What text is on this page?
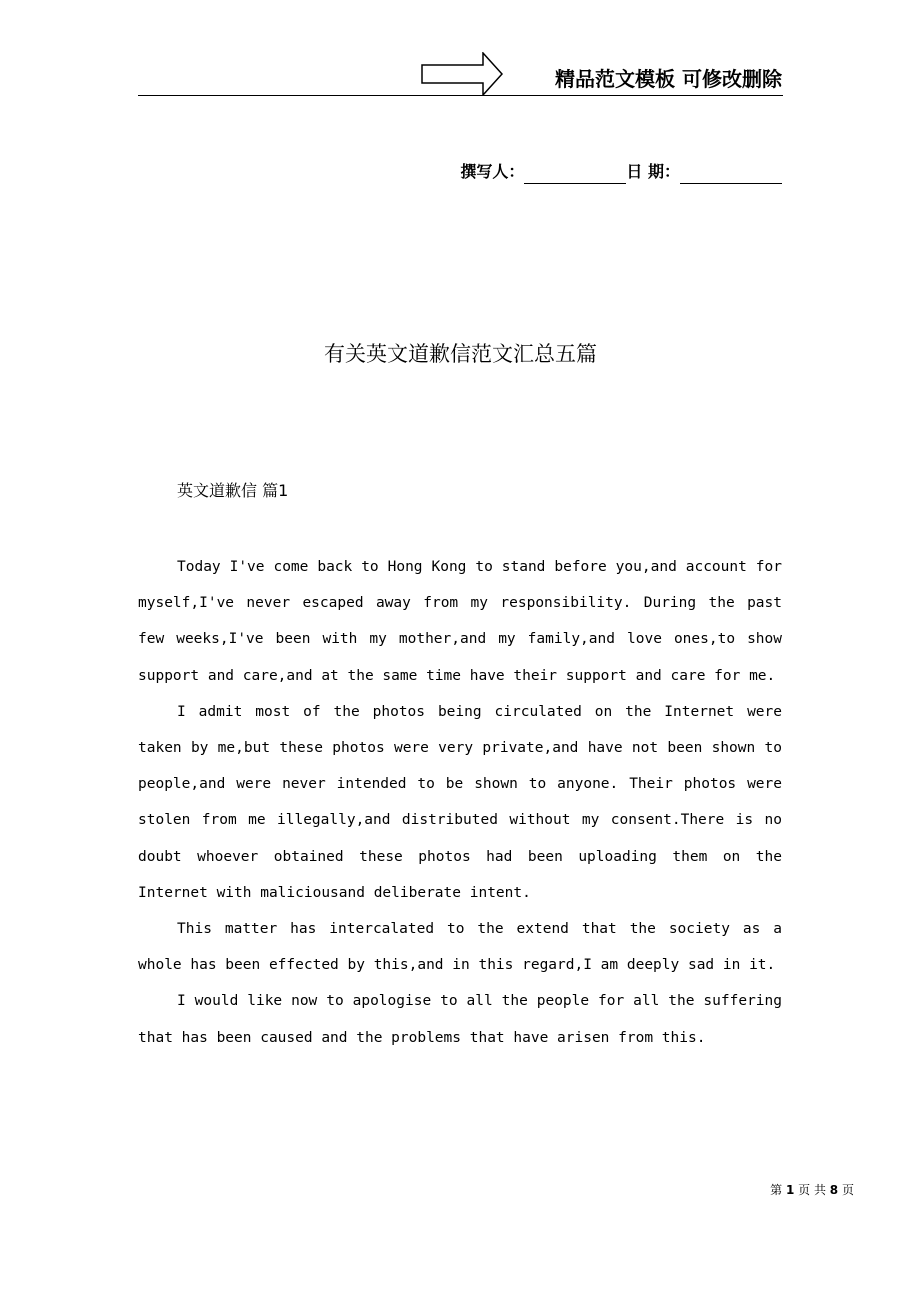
精品范文模板 可修改删除
撰写人：	日 期：
有关英文道歉信范文汇总五篇
英文道歉信 篇1

Today I've come back to Hong Kong to stand before you,and account for myself,I've never escaped away from my responsibility. During the past few weeks,I've been with my mother,and my family,and love ones,to show support and care,and at the same time have their support and care for me.

I admit most of the photos being circulated on the Internet were taken by me,but these photos were very private,and have not been shown to people,and were never intended to be shown to anyone. Their photos were stolen from me illegally,and distributed without my consent.There is no doubt whoever obtained these photos had been uploading them on the Internet with maliciousand deliberate intent.

This matter has intercalated to the extend that the society as a whole has been effected by this,and in this regard,I am deeply sad in it.

I would like now to apologise to all the people for all the suffering that has been caused and the problems that have arisen from this.

第 1 页 共 8 页
